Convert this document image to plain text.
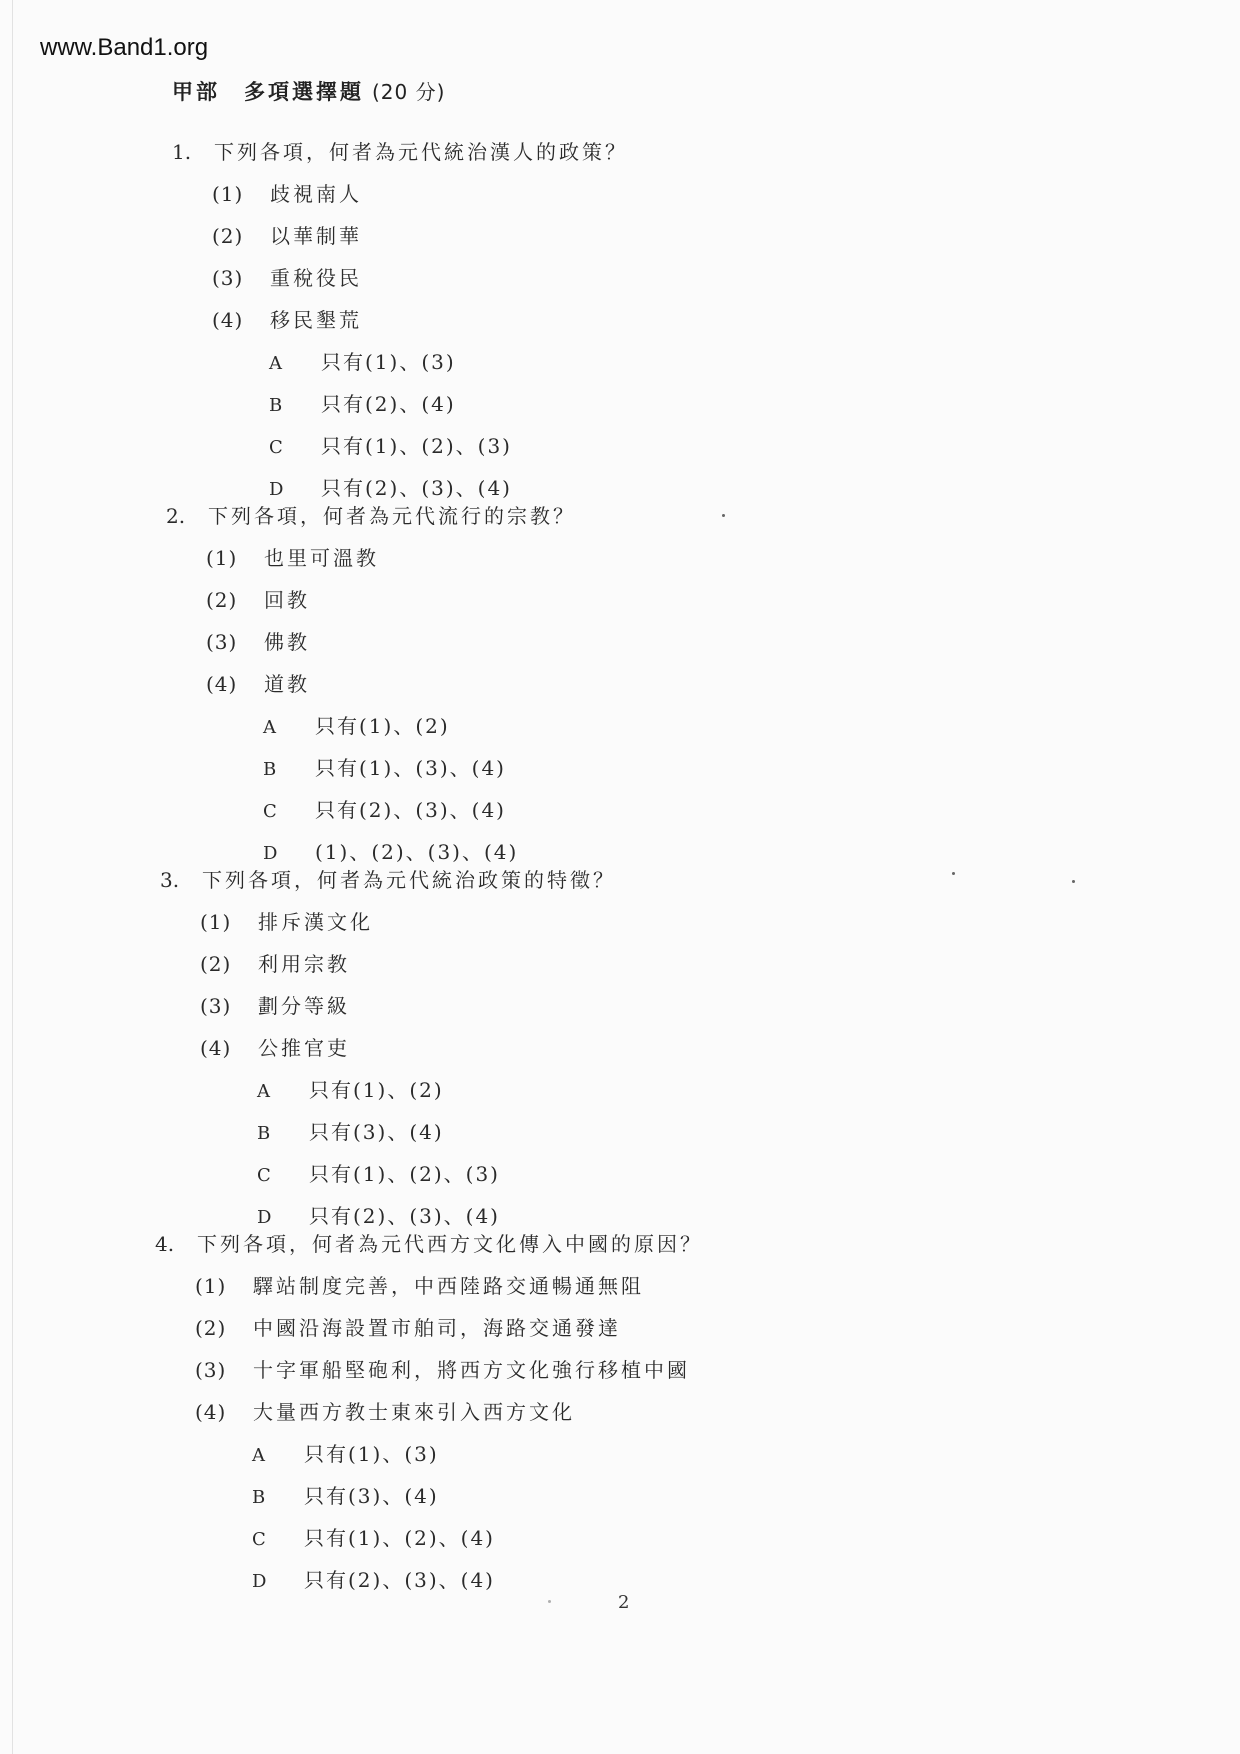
www.Band1.org
甲部　多項選擇題 (20 分)
1. 下列各項，何者為元代統治漢人的政策？
(1) 歧視南人
(2) 以華制華
(3) 重稅役民
(4) 移民墾荒
A 只有(1)、(3)
B 只有(2)、(4)
C 只有(1)、(2)、(3)
D 只有(2)、(3)、(4)
2. 下列各項，何者為元代流行的宗教？
(1) 也里可溫教
(2) 回教
(3) 佛教
(4) 道教
A 只有(1)、(2)
B 只有(1)、(3)、(4)
C 只有(2)、(3)、(4)
D (1)、(2)、(3)、(4)
3. 下列各項，何者為元代統治政策的特徵？
(1) 排斥漢文化
(2) 利用宗教
(3) 劃分等級
(4) 公推官吏
A 只有(1)、(2)
B 只有(3)、(4)
C 只有(1)、(2)、(3)
D 只有(2)、(3)、(4)
4. 下列各項，何者為元代西方文化傳入中國的原因？
(1) 驛站制度完善，中西陸路交通暢通無阻
(2) 中國沿海設置市舶司，海路交通發達
(3) 十字軍船堅砲利，將西方文化強行移植中國
(4) 大量西方教士東來引入西方文化
A 只有(1)、(3)
B 只有(3)、(4)
C 只有(1)、(2)、(4)
D 只有(2)、(3)、(4)
2
